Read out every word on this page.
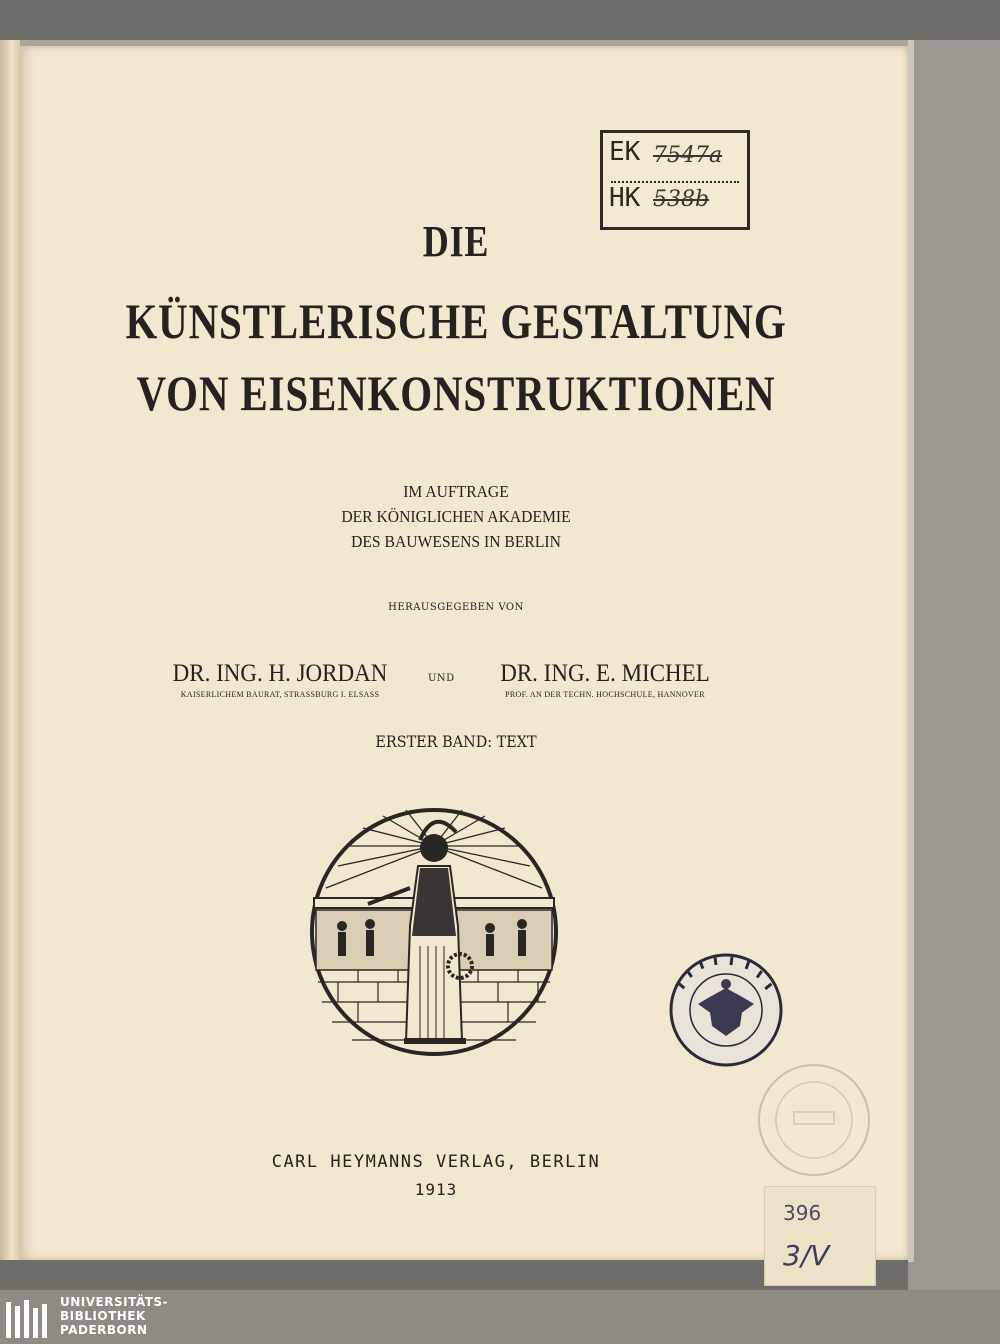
DIE
KÜNSTLERISCHE GESTALTUNG
VON EISENKONSTRUKTIONEN
IM AUFTRAGE
DER KÖNIGLICHEN AKADEMIE
DES BAUWESENS IN BERLIN
HERAUSGEGEBEN VON
DR. ING. H. JORDAN
KAISERLICHEM BAURAT, STRASSBURG I. ELSASS
UND	DR. ING. E. MICHEL
PROF. AN DER TECHN. HOCHSCHULE, HANNOVER
ERSTER BAND: TEXT
CARL HEYMANNS VERLAG, BERLIN
1913
EK 7547a
HK 538b
396
3/V
UNIVERSITÄTS-
BIBLIOTHEK
PADERBORN
